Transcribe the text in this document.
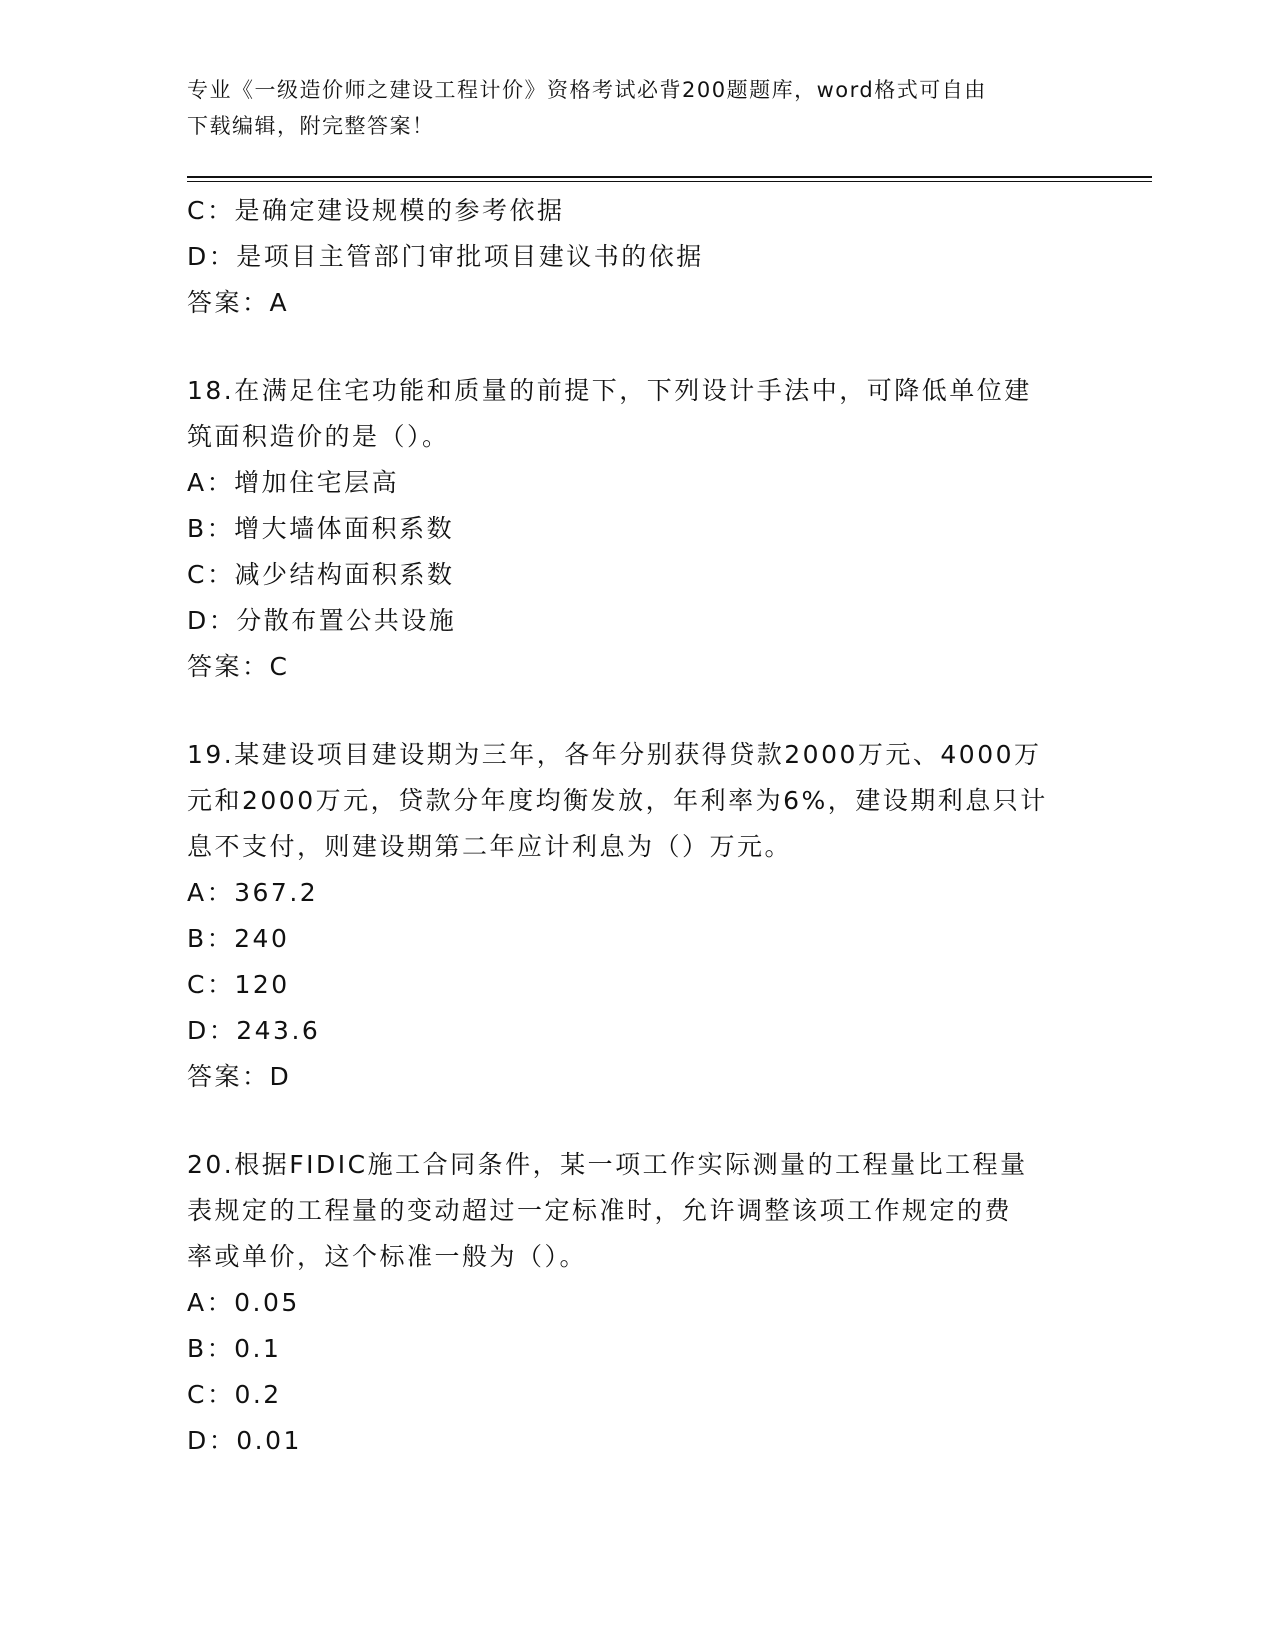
专业《一级造价师之建设工程计价》资格考试必背200题题库，word格式可自由
下载编辑，附完整答案！
C：是确定建设规模的参考依据
D：是项目主管部门审批项目建议书的依据
答案：A
18.在满足住宅功能和质量的前提下，下列设计手法中，可降低单位建
筑面积造价的是（）。
A：增加住宅层高
B：增大墙体面积系数
C：减少结构面积系数
D：分散布置公共设施
答案：C
19.某建设项目建设期为三年，各年分别获得贷款2000万元、4000万
元和2000万元，贷款分年度均衡发放，年利率为6%，建设期利息只计
息不支付，则建设期第二年应计利息为（）万元。
A：367.2
B：240
C：120
D：243.6
答案：D
20.根据FIDIC施工合同条件，某一项工作实际测量的工程量比工程量
表规定的工程量的变动超过一定标准时，允许调整该项工作规定的费
率或单价，这个标准一般为（）。
A：0.05
B：0.1
C：0.2
D：0.01
